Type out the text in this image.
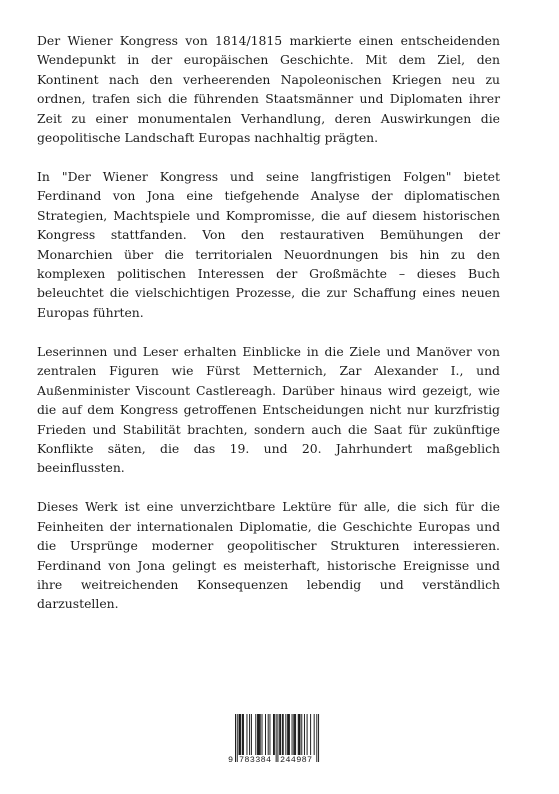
Der Wiener Kongress von 1814/1815 markierte einen entscheidenden Wendepunkt in der europäischen Geschichte. Mit dem Ziel, den Kontinent nach den verheerenden Napoleonischen Kriegen neu zu ordnen, trafen sich die führenden Staatsmänner und Diplomaten ihrer Zeit zu einer monumentalen Verhandlung, deren Auswirkungen die geopolitische Landschaft Europas nachhaltig prägten.

In "Der Wiener Kongress und seine langfristigen Folgen" bietet Ferdinand von Jona eine tiefgehende Analyse der diplomatischen Strategien, Machtspiele und Kompromisse, die auf diesem historischen Kongress stattfanden. Von den restaurativen Bemühungen der Monarchien über die territorialen Neuordnungen bis hin zu den komplexen politischen Interessen der Großmächte – dieses Buch beleuchtet die vielschichtigen Prozesse, die zur Schaffung eines neuen Europas führten.

Leserinnen und Leser erhalten Einblicke in die Ziele und Manöver von zentralen Figuren wie Fürst Metternich, Zar Alexander I., und Außenminister Viscount Castlereagh. Darüber hinaus wird gezeigt, wie die auf dem Kongress getroffenen Entscheidungen nicht nur kurzfristig Frieden und Stabilität brachten, sondern auch die Saat für zukünftige Konflikte säten, die das 19. und 20. Jahrhundert maßgeblich beeinflussten.

Dieses Werk ist eine unverzichtbare Lektüre für alle, die sich für die Feinheiten der internationalen Diplomatie, die Geschichte Europas und die Ursprünge moderner geopolitischer Strukturen interessieren. Ferdinand von Jona gelingt es meisterhaft, historische Ereignisse und ihre weitreichenden Konsequenzen lebendig und verständlich darzustellen.

9 783384 244987
